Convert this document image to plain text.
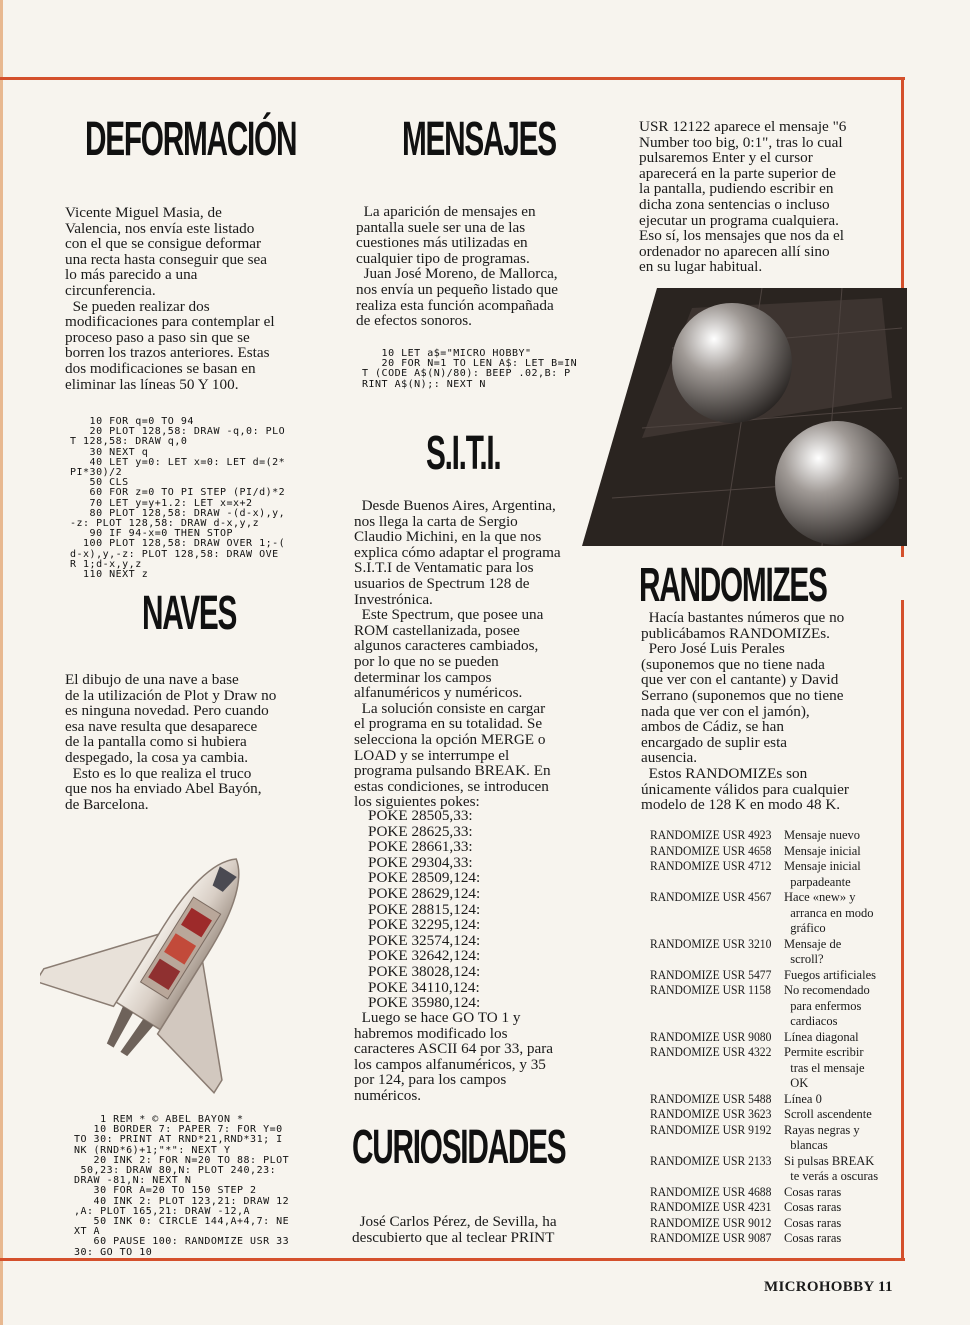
DEFORMACIÓN

Vicente Miguel Masia, de
Valencia, nos envía este listado
con el que se consigue deformar
una recta hasta conseguir que sea
lo más parecido a una
circunferencia.
Se pueden realizar dos
modificaciones para contemplar el
proceso paso a paso sin que se
borren los trazos anteriores. Estas
dos modificaciones se basan en
eliminar las líneas 50 Y 100.

10 FOR q=0 TO 94
20 PLOT 128,58: DRAW -q,0: PLO
T 128,58: DRAW q,0
30 NEXT q
40 LET y=0: LET x=0: LET d=(2*
PI*30)/2
50 CLS
60 FOR z=0 TO PI STEP (PI/d)*2
70 LET y=y+1.2: LET x=x+2
80 PLOT 128,58: DRAW -(d-x),y,
-z: PLOT 128,58: DRAW d-x,y,z
90 IF 94-x=0 THEN STOP
100 PLOT 128,58: DRAW OVER 1;-(
d-x),y,-z: PLOT 128,58: DRAW OVE
R 1;d-x,y,z
110 NEXT z
NAVES

El dibujo de una nave a base
de la utilización de Plot y Draw no
es ninguna novedad. Pero cuando
esa nave resulta que desaparece
de la pantalla como si hubiera
despegado, la cosa ya cambia.
Esto es lo que realiza el truco
que nos ha enviado Abel Bayón,
de Barcelona.

1 REM * © ABEL BAYON *
10 BORDER 7: PAPER 7: FOR Y=0
TO 30: PRINT AT RND*21,RND*31; I
NK (RND*6)+1;"*": NEXT Y
20 INK 2: FOR N=20 TO 88: PLOT
50,23: DRAW 80,N: PLOT 240,23:
DRAW -81,N: NEXT N
30 FOR A=20 TO 150 STEP 2
40 INK 2: PLOT 123,21: DRAW 12
,A: PLOT 165,21: DRAW -12,A
50 INK 0: CIRCLE 144,A+4,7: NE
XT A
60 PAUSE 100: RANDOMIZE USR 33
30: GO TO 10
MENSAJES

La aparición de mensajes en
pantalla suele ser una de las
cuestiones más utilizadas en
cualquier tipo de programas.
Juan José Moreno, de Mallorca,
nos envía un pequeño listado que
realiza esta función acompañada
de efectos sonoros.

10 LET a$="MICRO HOBBY"
20 FOR N=1 TO LEN A$: LET B=IN
T (CODE A$(N)/80): BEEP .02,B: P
RINT A$(N);: NEXT N
S.I.T.I.

Desde Buenos Aires, Argentina,
nos llega la carta de Sergio
Claudio Michini, en la que nos
explica cómo adaptar el programa
S.I.T.I de Ventamatic para los
usuarios de Spectrum 128 de
Investrónica.
Este Spectrum, que posee una
ROM castellanizada, posee
algunos caracteres cambiados,
por lo que no se pueden
determinar los campos
alfanuméricos y numéricos.
La solución consiste en cargar
el programa en su totalidad. Se
selecciona la opción MERGE o
LOAD y se interrumpe el
programa pulsando BREAK. En
estas condiciones, se introducen
los siguientes pokes:

POKE 28505,33:
POKE 28625,33:
POKE 28661,33:
POKE 29304,33:
POKE 28509,124:
POKE 28629,124:
POKE 28815,124:
POKE 32295,124:
POKE 32574,124:
POKE 32642,124:
POKE 38028,124:
POKE 34110,124:
POKE 35980,124:

Luego se hace GO TO 1 y
habremos modificado los
caracteres ASCII 64 por 33, para
los campos alfanuméricos, y 35
por 124, para los campos
numéricos.

CURIOSIDADES

José Carlos Pérez, de Sevilla, ha
descubierto que al teclear PRINT

USR 12122 aparece el mensaje "6
Number too big, 0:1", tras lo cual
pulsaremos Enter y el cursor
aparecerá en la parte superior de
la pantalla, pudiendo escribir en
dicha zona sentencias o incluso
ejecutar un programa cualquiera.
Eso sí, los mensajes que nos da el
ordenador no aparecen allí sino
en su lugar habitual.

RANDOMIZES

Hacía bastantes números que no
publicábamos RANDOMIZEs.
Pero José Luis Perales
(suponemos que no tiene nada
que ver con el cantante) y David
Serrano (suponemos que no tiene
nada que ver con el jamón),
ambos de Cádiz, se han
encargado de suplir esta
ausencia.
Estos RANDOMIZEs son
únicamente válidos para cualquier
modelo de 128 K en modo 48 K.

RANDOMIZE USR 4923 Mensaje nuevo
RANDOMIZE USR 4658 Mensaje inicial
RANDOMIZE USR 4712 Mensaje inicial
parpadeante
RANDOMIZE USR 4567 Hace «new» y
arranca en modo
gráfico
RANDOMIZE USR 3210 Mensaje de
scroll?
RANDOMIZE USR 5477 Fuegos artificiales
RANDOMIZE USR 1158 No recomendado
para enfermos
cardiacos
RANDOMIZE USR 9080 Línea diagonal
RANDOMIZE USR 4322 Permite escribir
tras el mensaje
OK
RANDOMIZE USR 5488 Línea 0
RANDOMIZE USR 3623 Scroll ascendente
RANDOMIZE USR 9192 Rayas negras y
blancas
RANDOMIZE USR 2133 Si pulsas BREAK
te verás a oscuras
RANDOMIZE USR 4688 Cosas raras
RANDOMIZE USR 4231 Cosas raras
RANDOMIZE USR 9012 Cosas raras
RANDOMIZE USR 9087 Cosas raras
MICROHOBBY 11
